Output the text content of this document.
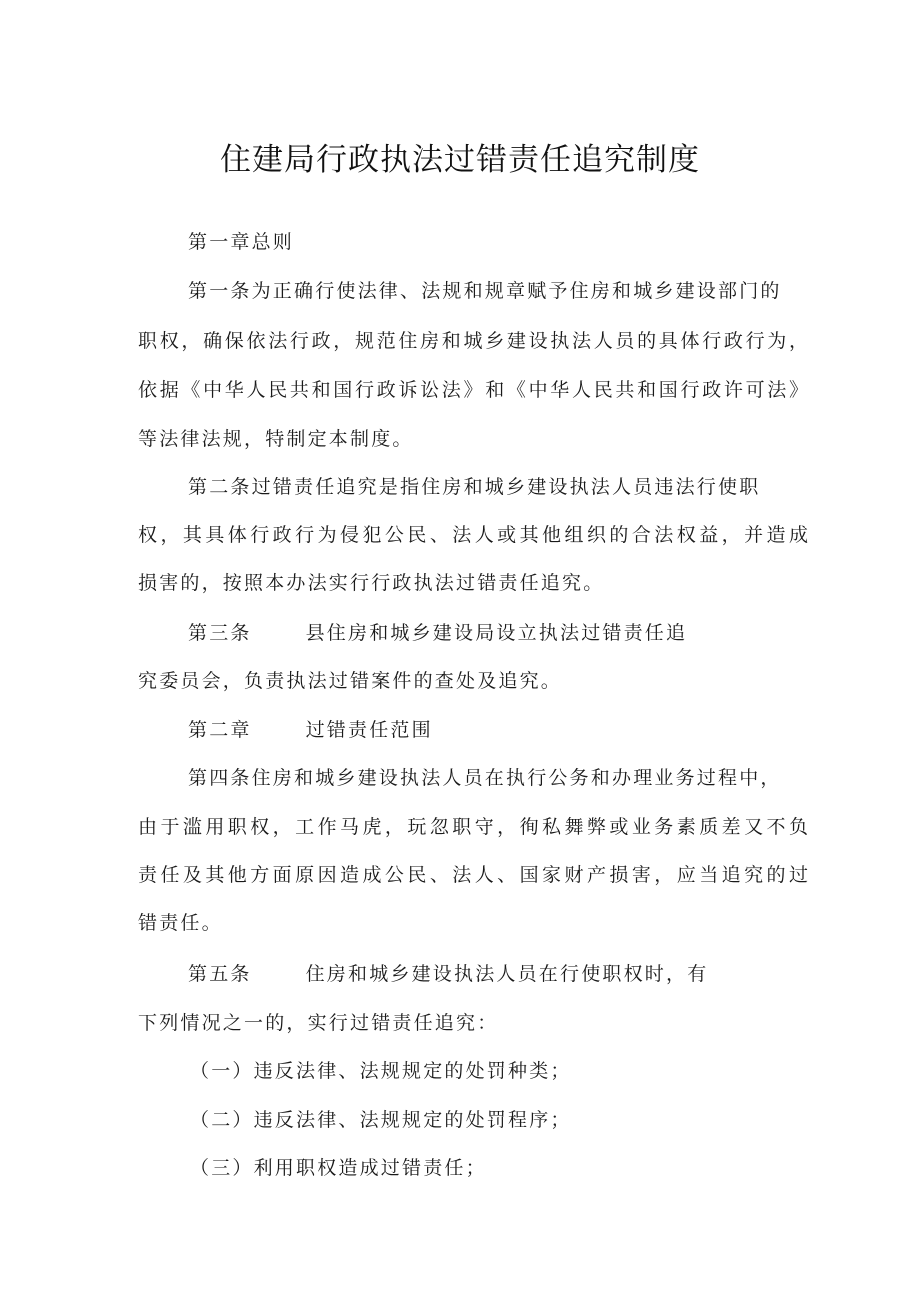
住建局行政执法过错责任追究制度
第一章总则
第一条为正确行使法律、法规和规章赋予住房和城乡建设部门的
职权，确保依法行政，规范住房和城乡建设执法人员的具体行政行为，
依据《中华人民共和国行政诉讼法》和《中华人民共和国行政许可法》
等法律法规，特制定本制度。
第二条过错责任追究是指住房和城乡建设执法人员违法行使职
权，其具体行政行为侵犯公民、法人或其他组织的合法权益，并造成
损害的，按照本办法实行行政执法过错责任追究。
第三条	县住房和城乡建设局设立执法过错责任追
究委员会，负责执法过错案件的查处及追究。
第二章	过错责任范围
第四条住房和城乡建设执法人员在执行公务和办理业务过程中，
由于滥用职权，工作马虎，玩忽职守，徇私舞弊或业务素质差又不负
责任及其他方面原因造成公民、法人、国家财产损害，应当追究的过
错责任。
第五条	住房和城乡建设执法人员在行使职权时，有
下列情况之一的，实行过错责任追究：
（一）违反法律、法规规定的处罚种类；
（二）违反法律、法规规定的处罚程序；
（三）利用职权造成过错责任；
